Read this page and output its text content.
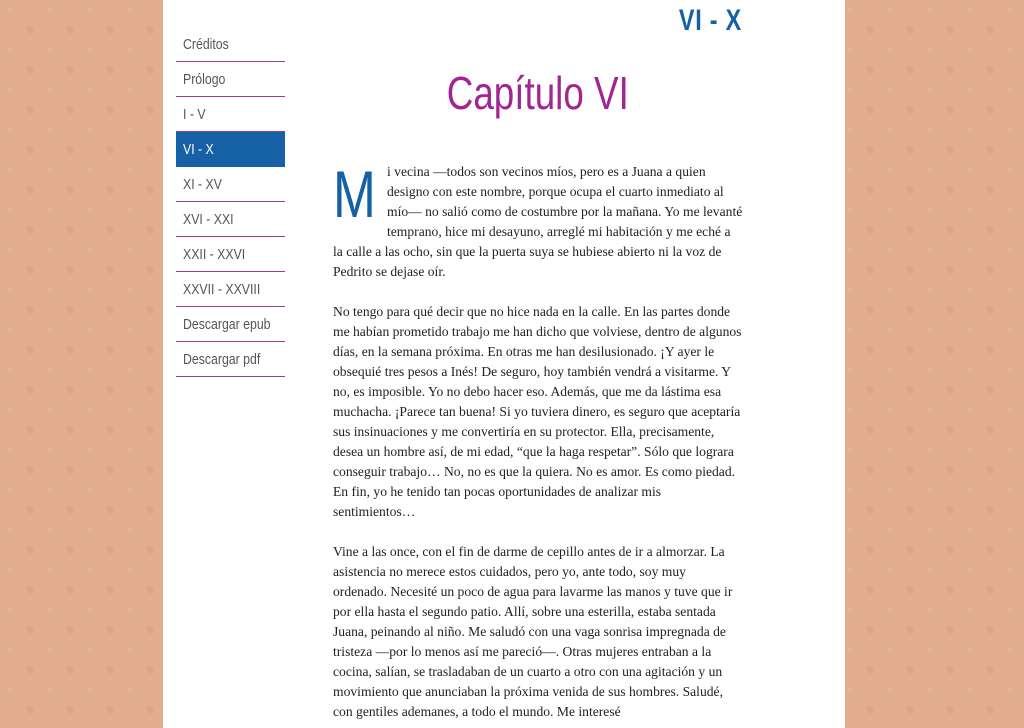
VI - X
Créditos
Prólogo
I - V
VI - X
XI - XV
XVI - XXI
XXII - XXVI
XXVII - XXVIII
Descargar epub
Descargar pdf
Capítulo VI

Mi vecina —todos son vecinos míos, pero es a Juana a quien designo con este nombre, porque ocupa el cuarto inmediato al mío— no salió como de costumbre por la mañana. Yo me levanté temprano, hice mi desayuno, arreglé mi habitación y me eché a la calle a las ocho, sin que la puerta suya se hubiese abierto ni la voz de Pedrito se dejase oír.

No tengo para qué decir que no hice nada en la calle. En las partes donde me habían prometido trabajo me han dicho que volviese, dentro de algunos días, en la semana próxima. En otras me han desilusionado. ¡Y ayer le obsequié tres pesos a Inés! De seguro, hoy también vendrá a visitarme. Y no, es imposible. Yo no debo hacer eso. Además, que me da lástima esa muchacha. ¡Parece tan buena! Si yo tuviera dinero, es seguro que aceptaría sus insinuaciones y me convertiría en su protector. Ella, precisamente, desea un hombre así, de mi edad, “que la haga respetar”. Sólo que lograra conseguir trabajo… No, no es que la quiera. No es amor. Es como piedad. En fin, yo he tenido tan pocas oportunidades de analizar mis sentimientos…

Vine a las once, con el fin de darme de cepillo antes de ir a almorzar. La asistencia no merece estos cuidados, pero yo, ante todo, soy muy ordenado. Necesité un poco de agua para lavarme las manos y tuve que ir por ella hasta el segundo patio. Allí, sobre una esterilla, estaba sentada Juana, peinando al niño. Me saludó con una vaga sonrisa impregnada de tristeza —por lo menos así me pareció—. Otras mujeres entraban a la cocina, salían, se trasladaban de un cuarto a otro con una agitación y un movimiento que anunciaban la próxima venida de sus hombres. Saludé, con gentiles ademanes, a todo el mundo. Me interesé
